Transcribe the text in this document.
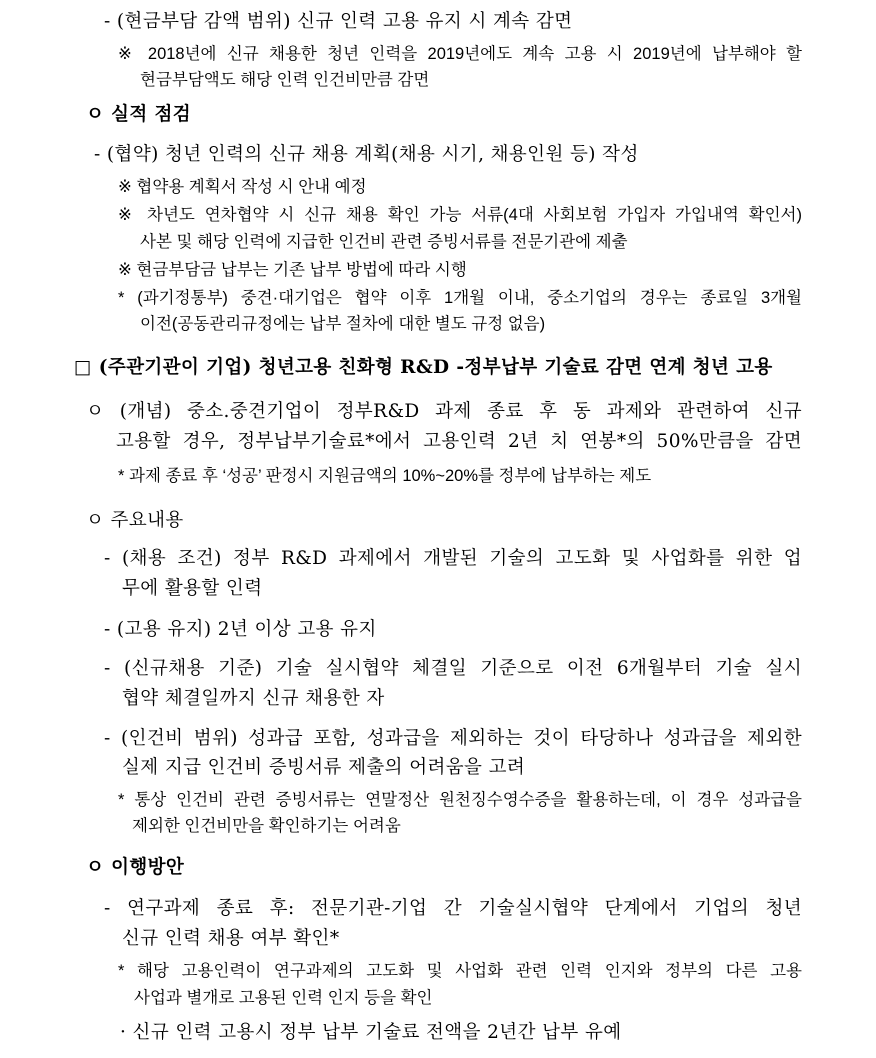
- (현금부담 감액 범위) 신규 인력 고용 유지 시 계속 감면
※ 2018년에 신규 채용한 청년 인력을 2019년에도 계속 고용 시 2019년에 납부해야 할
현금부담액도 해당 인력 인건비만큼 감면
ㅇ 실적 점검
- (협약) 청년 인력의 신규 채용 계획(채용 시기, 채용인원 등) 작성
※ 협약용 계획서 작성 시 안내 예정
※ 차년도 연차협약 시 신규 채용 확인 가능 서류(4대 사회보험 가입자 가입내역 확인서)
사본 및 해당 인력에 지급한 인건비 관련 증빙서류를 전문기관에 제출
※ 현금부담금 납부는 기존 납부 방법에 따라 시행
* (과기정통부) 중견·대기업은 협약 이후 1개월 이내, 중소기업의 경우는 종료일 3개월
이전(공동관리규정에는 납부 절차에 대한 별도 규정 없음)
□ (주관기관이 기업) 청년고용 친화형 R&D -정부납부 기술료 감면 연계 청년 고용
ㅇ (개념) 중소.중견기업이 정부R&D 과제 종료 후 동 과제와 관련하여 신규
고용할 경우, 정부납부기술료*에서 고용인력 2년 치 연봉*의 50%만큼을 감면
* 과제 종료 후 ‘성공’ 판정시 지원금액의 10%~20%를 정부에 납부하는 제도
ㅇ 주요내용
- (채용 조건) 정부 R&D 과제에서 개발된 기술의 고도화 및 사업화를 위한 업
무에 활용할 인력
- (고용 유지) 2년 이상 고용 유지
- (신규채용 기준) 기술 실시협약 체결일 기준으로 이전 6개월부터 기술 실시
협약 체결일까지 신규 채용한 자
- (인건비 범위) 성과급 포함, 성과급을 제외하는 것이 타당하나 성과급을 제외한
실제 지급 인건비 증빙서류 제출의 어려움을 고려
* 통상 인건비 관련 증빙서류는 연말정산 원천징수영수증을 활용하는데, 이 경우 성과급을
제외한 인건비만을 확인하기는 어려움
ㅇ 이행방안
- 연구과제 종료 후: 전문기관-기업 간 기술실시협약 단계에서 기업의 청년
신규 인력 채용 여부 확인*
* 해당 고용인력이 연구과제의 고도화 및 사업화 관련 인력 인지와 정부의 다른 고용
사업과 별개로 고용된 인력 인지 등을 확인
· 신규 인력 고용시 정부 납부 기술료 전액을 2년간 납부 유예
